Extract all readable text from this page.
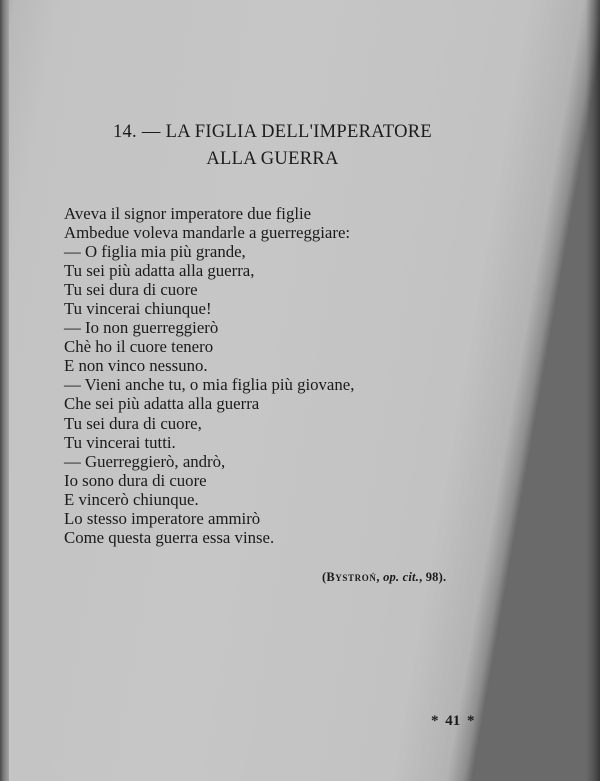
14. — LA FIGLIA DELL'IMPERATORE
ALLA GUERRA
Aveva il signor imperatore due figlie
Ambedue voleva mandarle a guerreggiare:
— O figlia mia più grande,
Tu sei più adatta alla guerra,
Tu sei dura di cuore
Tu vincerai chiunque!
— Io non guerreggierò
Chè ho il cuore tenero
E non vinco nessuno.
— Vieni anche tu, o mia figlia più giovane,
Che sei più adatta alla guerra
Tu sei dura di cuore,
Tu vincerai tutti.
— Guerreggierò, andrò,
Io sono dura di cuore
E vincerò chiunque.
Lo stesso imperatore ammirò
Come questa guerra essa vinse.
(Bystroń, op. cit., 98).
* 41 *
